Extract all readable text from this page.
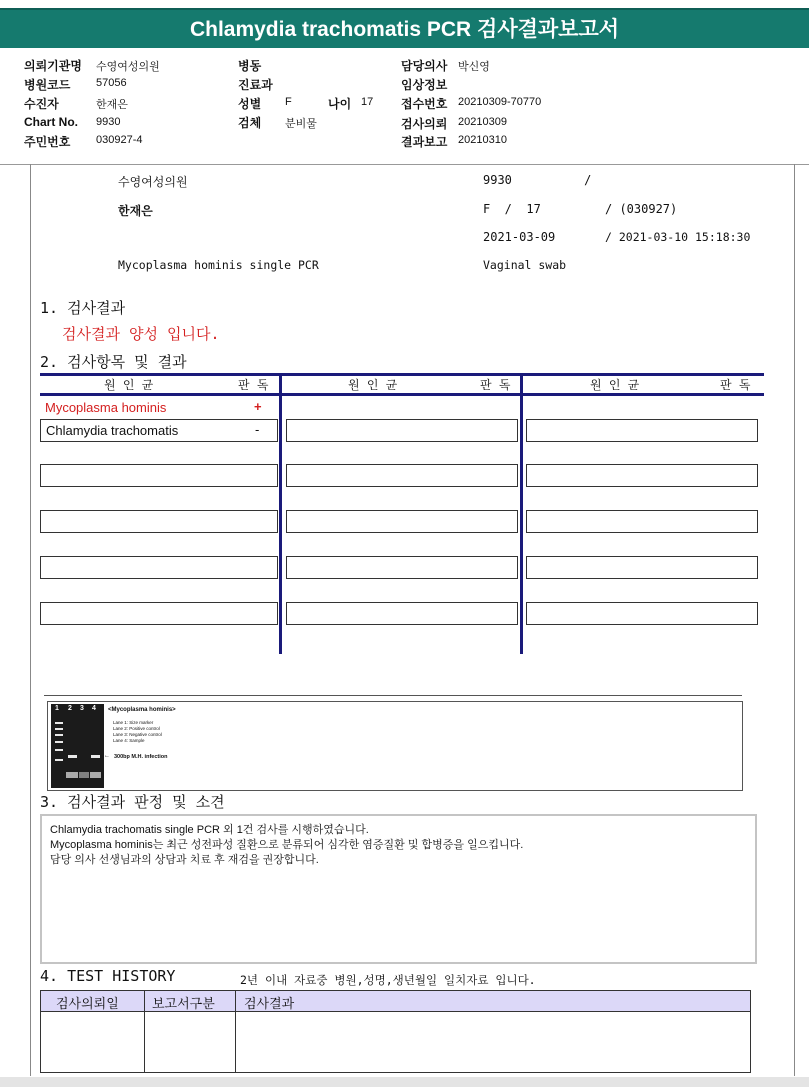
Chlamydia trachomatis PCR 검사결과보고서
의뢰기관명 수영여성의원	병동	담당의사 박신영
병원코드 57056	진료과	임상정보
수진자	한재은	성별 F	나이 17 접수번호 20210309-70770
Chart No. 9930	검체 분비물	검사의뢰 20210309
주민번호 030927-4	결과보고 20210310
수영여성의원	9930          /
한재은	F  /  17	/ (030927)
2021-03-09	/ 2021-03-10 15:18:30
Mycoplasma hominis single PCR	Vaginal swab
1. 검사결과
검사결과 양성 입니다.
2. 검사항목 및 결과
원 인 균	판 독	원 인 균	판 독	원 인 균	판 독
Mycoplasma hominis	+
Chlamydia trachomatis	-
1 2 3 4 <Mycoplasma hominis>
Lane 1: Size marker
Lane 2: Positive control
Lane 3: Negative control
Lane 4: Sample
← 300bp M.H. infection
3. 검사결과 판정 및 소견
Chlamydia trachomatis single PCR 외 1건 검사를 시행하였습니다.
Mycoplasma hominis는 최근 성전파성 질환으로 분류되어 심각한 염증질환 및 합병증을 일으킵니다.
담당 의사 선생님과의 상담과 치료 후 재검을 권장합니다.
4. TEST HISTORY	2년 이내 자료중 병원,성명,생년월일 일치자료 입니다.
검사의뢰일	보고서구분 검사결과
